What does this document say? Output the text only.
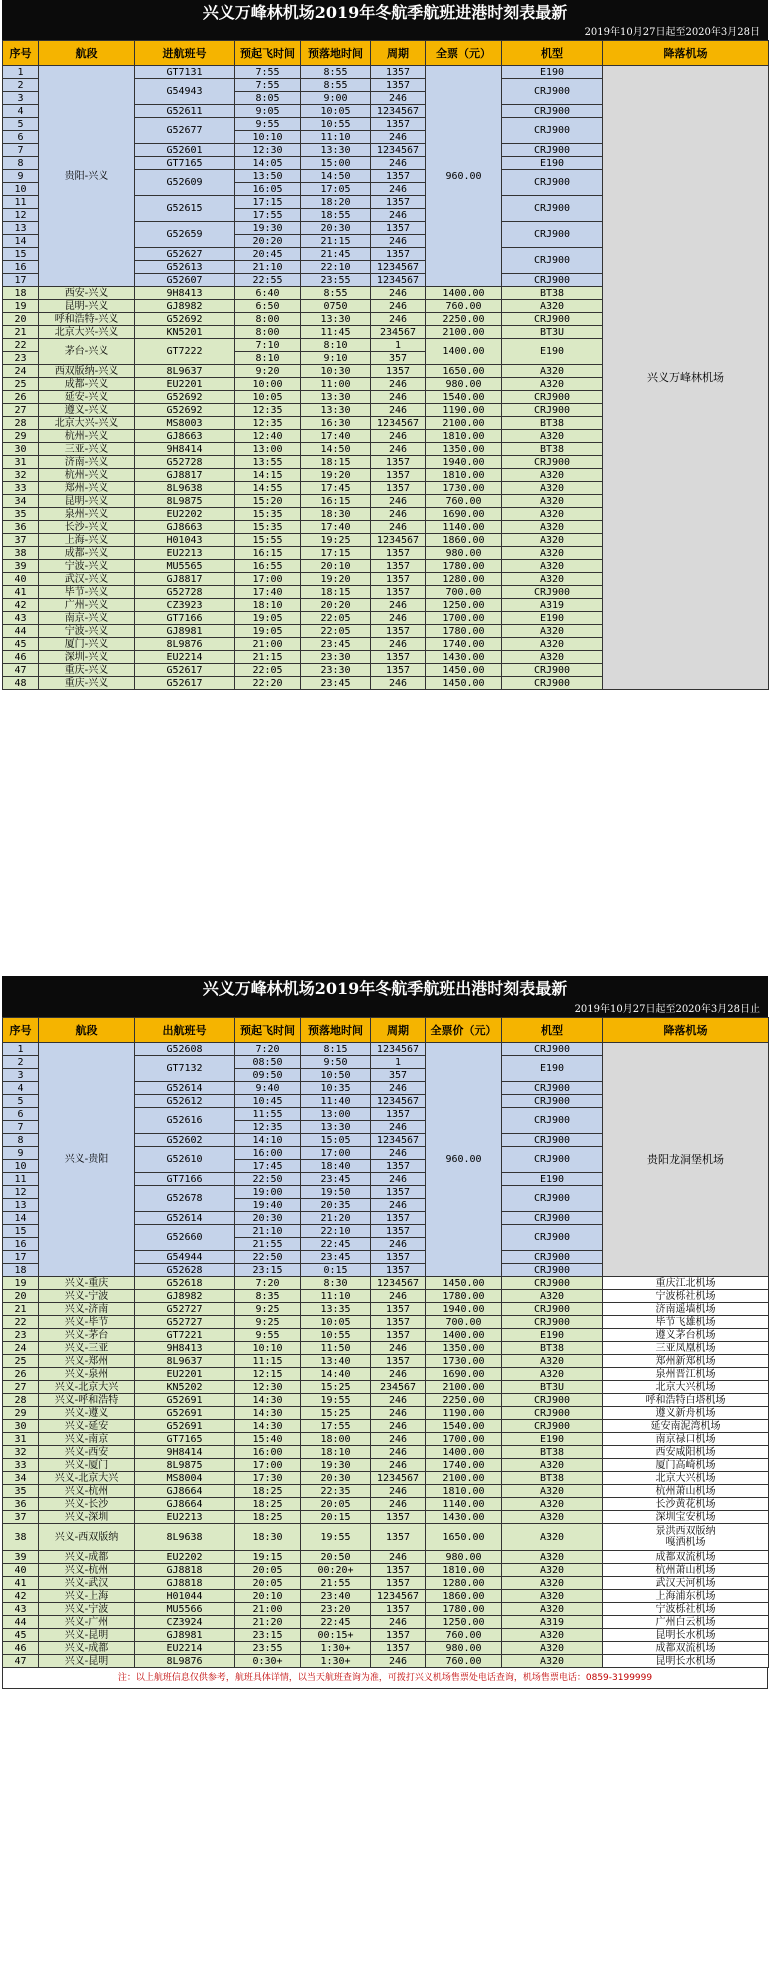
兴义万峰林机场2019年冬航季航班进港时刻表最新
2019年10月27日起至2020年3月28日
序号	航段	进航班号	预起飞时间	预落地时间	周期	全票（元）	机型	降落机场
1	贵阳-兴义	GT7131	7:55	8:55	1357	960.00	E190	兴义万峰林机场
2		G54943	7:55	8:55	1357		CRJ900	
3			8:05	9:00	246			
4		G52611	9:05	10:05	1234567		CRJ900	
5		G52677	9:55	10:55	1357		CRJ900	
6			10:10	11:10	246			
7		G52601	12:30	13:30	1234567		CRJ900	
8		GT7165	14:05	15:00	246		E190	
9		G52609	13:50	14:50	1357		CRJ900	
10			16:05	17:05	246			
11		G52615	17:15	18:20	1357		CRJ900	
12			17:55	18:55	246			
13		G52659	19:30	20:30	1357		CRJ900	
14			20:20	21:15	246			
15		G52627	20:45	21:45	1357		CRJ900	
16		G52613	21:10	22:10	1234567			
17		G52607	22:55	23:55	1234567		CRJ900	
18	西安-兴义	9H8413	6:40	8:55	246	1400.00	BT38	
19	昆明-兴义	GJ8982	6:50	0750	246	760.00	A320	
20	呼和浩特-兴义	G52692	8:00	13:30	246	2250.00	CRJ900	
21	北京大兴-兴义	KN5201	8:00	11:45	234567	2100.00	BT3U	
22	茅台-兴义	GT7222	7:10	8:10	1	1400.00	E190	
23			8:10	9:10	357			
24	西双版纳-兴义	8L9637	9:20	10:30	1357	1650.00	A320	
25	成都-兴义	EU2201	10:00	11:00	246	980.00	A320	
26	延安-兴义	G52692	10:05	13:30	246	1540.00	CRJ900	
27	遵义-兴义	G52692	12:35	13:30	246	1190.00	CRJ900	
28	北京大兴-兴义	MS8003	12:35	16:30	1234567	2100.00	BT38	
29	杭州-兴义	GJ8663	12:40	17:40	246	1810.00	A320	
30	三亚-兴义	9H8414	13:00	14:50	246	1350.00	BT38	
31	济南-兴义	G52728	13:55	18:15	1357	1940.00	CRJ900	
32	杭州-兴义	GJ8817	14:15	19:20	1357	1810.00	A320	
33	郑州-兴义	8L9638	14:55	17:45	1357	1730.00	A320	
34	昆明-兴义	8L9875	15:20	16:15	246	760.00	A320	
35	泉州-兴义	EU2202	15:35	18:30	246	1690.00	A320	
36	长沙-兴义	GJ8663	15:35	17:40	246	1140.00	A320	
37	上海-兴义	H01043	15:55	19:25	1234567	1860.00	A320	
38	成都-兴义	EU2213	16:15	17:15	1357	980.00	A320	
39	宁波-兴义	MU5565	16:55	20:10	1357	1780.00	A320	
40	武汉-兴义	GJ8817	17:00	19:20	1357	1280.00	A320	
41	毕节-兴义	G52728	17:40	18:15	1357	700.00	CRJ900	
42	广州-兴义	CZ3923	18:10	20:20	246	1250.00	A319	
43	南京-兴义	GT7166	19:05	22:05	246	1700.00	E190	
44	宁波-兴义	GJ8981	19:05	22:05	1357	1780.00	A320	
45	厦门-兴义	8L9876	21:00	23:45	246	1740.00	A320	
46	深圳-兴义	EU2214	21:15	23:30	1357	1430.00	A320	
47	重庆-兴义	G52617	22:05	23:30	1357	1450.00	CRJ900	
48	重庆-兴义	G52617	22:20	23:45	246	1450.00	CRJ900	
兴义万峰林机场2019年冬航季航班出港时刻表最新
2019年10月27日起至2020年3月28日止
序号	航段	出航班号	预起飞时间	预落地时间	周期	全票价（元）	机型	降落机场
1	兴义-贵阳	G52608	7:20	8:15	1234567	960.00	CRJ900	贵阳龙洞堡机场
2		GT7132	08:50	9:50	1		E190	
3			09:50	10:50	357			
4		G52614	9:40	10:35	246		CRJ900	
5		G52612	10:45	11:40	1234567		CRJ900	
6		G52616	11:55	13:00	1357		CRJ900	
7			12:35	13:30	246			
8		G52602	14:10	15:05	1234567		CRJ900	
9		G52610	16:00	17:00	246		CRJ900	
10			17:45	18:40	1357			
11		GT7166	22:50	23:45	246		E190	
12		G52678	19:00	19:50	1357		CRJ900	
13			19:40	20:35	246			
14		G52614	20:30	21:20	1357		CRJ900	
15		G52660	21:10	22:10	1357		CRJ900	
16			21:55	22:45	246			
17		G54944	22:50	23:45	1357		CRJ900	
18		G52628	23:15	0:15	1357		CRJ900	
19	兴义-重庆	G52618	7:20	8:30	1234567	1450.00	CRJ900	重庆江北机场
20	兴义-宁波	GJ8982	8:35	11:10	246	1780.00	A320	宁波栎社机场
21	兴义-济南	G52727	9:25	13:35	1357	1940.00	CRJ900	济南遥墙机场
22	兴义-毕节	G52727	9:25	10:05	1357	700.00	CRJ900	毕节飞雄机场
23	兴义-茅台	GT7221	9:55	10:55	1357	1400.00	E190	遵义茅台机场
24	兴义-三亚	9H8413	10:10	11:50	246	1350.00	BT38	三亚凤凰机场
25	兴义-郑州	8L9637	11:15	13:40	1357	1730.00	A320	郑州新郑机场
26	兴义-泉州	EU2201	12:15	14:40	246	1690.00	A320	泉州晋江机场
27	兴义-北京大兴	KN5202	12:30	15:25	234567	2100.00	BT3U	北京大兴机场
28	兴义-呼和浩特	G52691	14:30	19:55	246	2250.00	CRJ900	呼和浩特白塔机场
29	兴义-遵义	G52691	14:30	15:25	246	1190.00	CRJ900	遵义新舟机场
30	兴义-延安	G52691	14:30	17:55	246	1540.00	CRJ900	延安南泥湾机场
31	兴义-南京	GT7165	15:40	18:00	246	1700.00	E190	南京禄口机场
32	兴义-西安	9H8414	16:00	18:10	246	1400.00	BT38	西安咸阳机场
33	兴义-厦门	8L9875	17:00	19:30	246	1740.00	A320	厦门高崎机场
34	兴义-北京大兴	MS8004	17:30	20:30	1234567	2100.00	BT38	北京大兴机场
35	兴义-杭州	GJ8664	18:25	22:35	246	1810.00	A320	杭州萧山机场
36	兴义-长沙	GJ8664	18:25	20:05	246	1140.00	A320	长沙黄花机场
37	兴义-深圳	EU2213	18:25	20:15	1357	1430.00	A320	深圳宝安机场
38	兴义-西双版纳	8L9638	18:30	19:55	1357	1650.00	A320	景洪西双版纳
嘎洒机场
39	兴义-成都	EU2202	19:15	20:50	246	980.00	A320	成都双流机场
40	兴义-杭州	GJ8818	20:05	00:20+	1357	1810.00	A320	杭州萧山机场
41	兴义-武汉	GJ8818	20:05	21:55	1357	1280.00	A320	武汉天河机场
42	兴义-上海	H01044	20:10	23:40	1234567	1860.00	A320	上海浦东机场
43	兴义-宁波	MU5566	21:00	23:20	1357	1780.00	A320	宁波栎社机场
44	兴义-广州	CZ3924	21:20	22:45	246	1250.00	A319	广州白云机场
45	兴义-昆明	GJ8981	23:15	00:15+	1357	760.00	A320	昆明长水机场
46	兴义-成都	EU2214	23:55	1:30+	1357	980.00	A320	成都双流机场
47	兴义-昆明	8L9876	0:30+	1:30+	246	760.00	A320	昆明长水机场
注：以上航班信息仅供参考，航班具体详情，以当天航班查询为准，可拨打兴义机场售票处电话查询，机场售票电话：0859-3199999
